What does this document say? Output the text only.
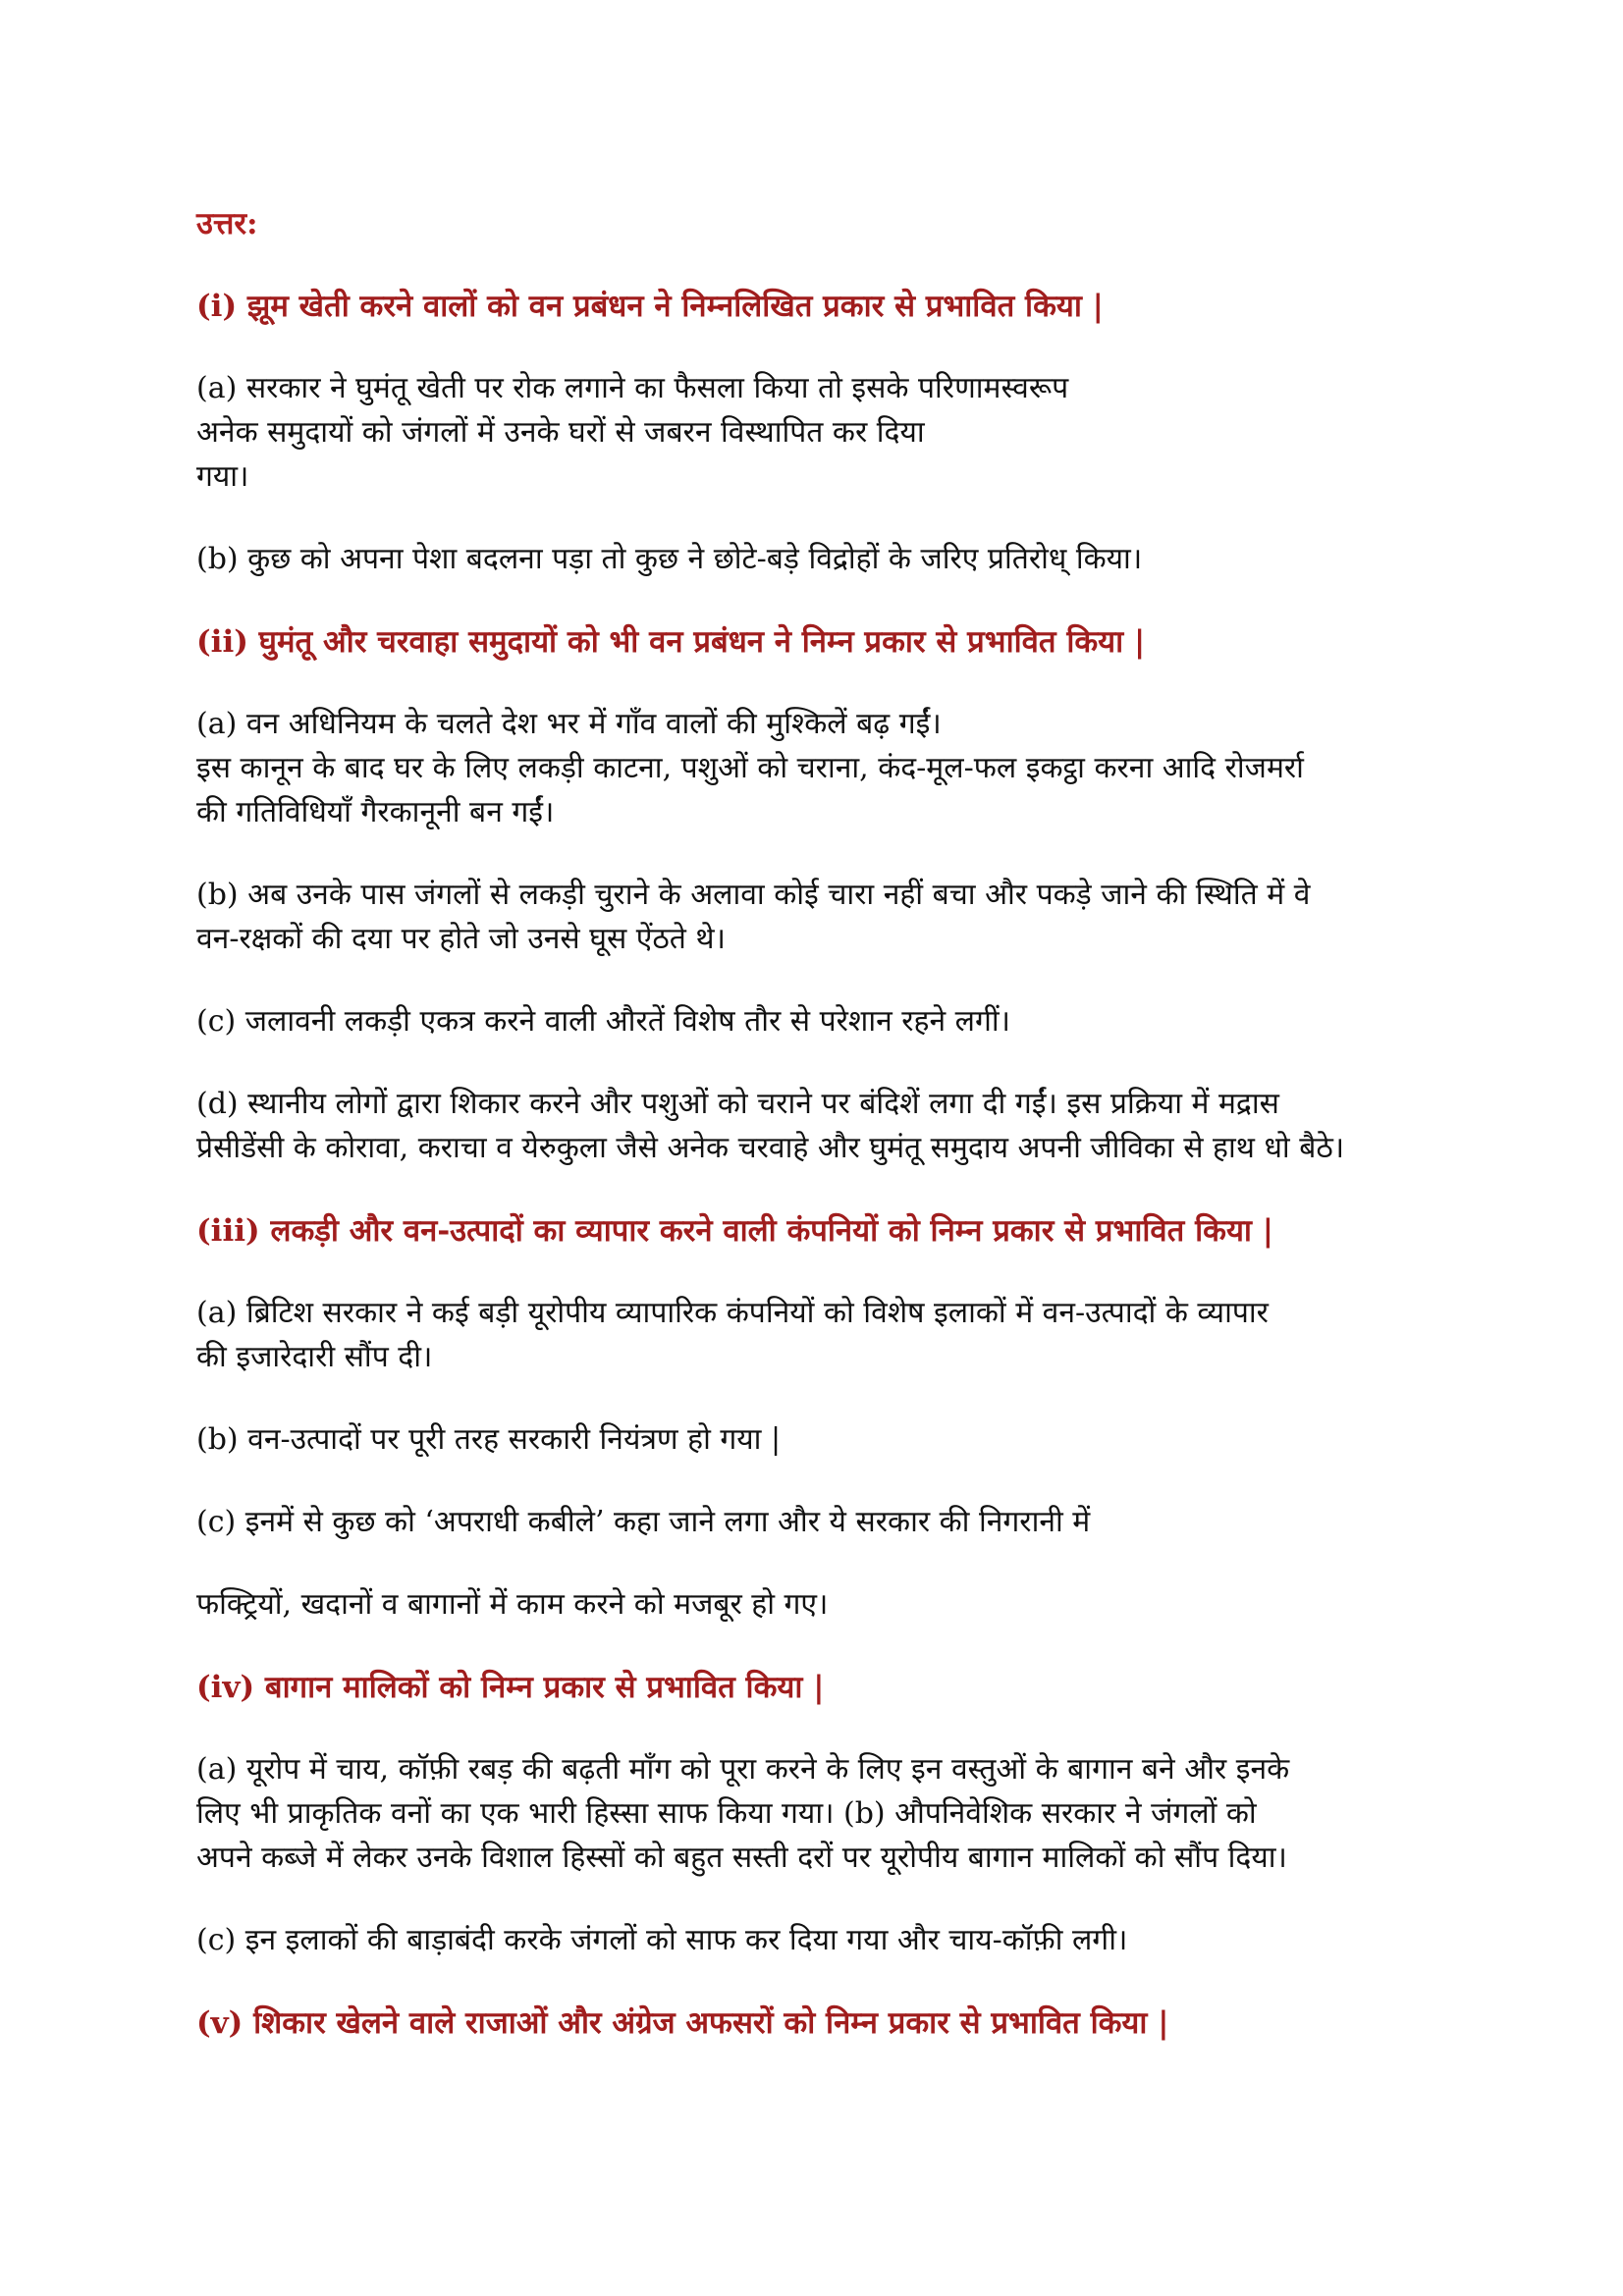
उत्तर:
(i) झूम खेती करने वालों को वन प्रबंधन ने निम्नलिखित प्रकार से प्रभावित किया |
(a) सरकार ने घुमंतू खेती पर रोक लगाने का फैसला किया तो इसके परिणामस्वरूप
अनेक समुदायों को जंगलों में उनके घरों से जबरन विस्थापित कर दिया
गया।
(b) कुछ को अपना पेशा बदलना पड़ा तो कुछ ने छोटे-बड़े विद्रोहों के जरिए प्रतिरोध् किया।
(ii) घुमंतू और चरवाहा समुदायों को भी वन प्रबंधन ने निम्न प्रकार से प्रभावित किया |
(a) वन अधिनियम के चलते देश भर में गाँव वालों की मुश्किलें बढ़ गईं।
इस कानून के बाद घर के लिए लकड़ी काटना, पशुओं को चराना, कंद-मूल-फल इकट्ठा करना आदि रोजमर्रा
की गतिविधियाँ गैरकानूनी बन गईं।
(b) अब उनके पास जंगलों से लकड़ी चुराने के अलावा कोई चारा नहीं बचा और पकड़े जाने की स्थिति में वे
वन-रक्षकों की दया पर होते जो उनसे घूस ऐंठते थे।
(c) जलावनी लकड़ी एकत्र करने वाली औरतें विशेष तौर से परेशान रहने लगीं।
(d) स्थानीय लोगों द्वारा शिकार करने और पशुओं को चराने पर बंदिशें लगा दी गईं। इस प्रक्रिया में मद्रास
प्रेसीडेंसी के कोरावा, कराचा व येरुकुला जैसे अनेक चरवाहे और घुमंतू समुदाय अपनी जीविका से हाथ धो बैठे।
(iii) लकड़ी और वन-उत्पादों का व्यापार करने वाली कंपनियों को निम्न प्रकार से प्रभावित किया |
(a) ब्रिटिश सरकार ने कई बड़ी यूरोपीय व्यापारिक कंपनियों को विशेष इलाकों में वन-उत्पादों के व्यापार
की इजारेदारी सौंप दी।
(b) वन-उत्पादों पर पूरी तरह सरकारी नियंत्रण हो गया |
(c) इनमें से कुछ को ‘अपराधी कबीले’ कहा जाने लगा और ये सरकार की निगरानी में
फक्ट्रियों, खदानों व बागानों में काम करने को मजबूर हो गए।
(iv) बागान मालिकों को निम्न प्रकार से प्रभावित किया |
(a) यूरोप में चाय, कॉफ़ी रबड़ की बढ़ती माँग को पूरा करने के लिए इन वस्तुओं के बागान बने और इनके
लिए भी प्राकृतिक वनों का एक भारी हिस्सा साफ किया गया। (b) औपनिवेशिक सरकार ने जंगलों को
अपने कब्जे में लेकर उनके विशाल हिस्सों को बहुत सस्ती दरों पर यूरोपीय बागान मालिकों को सौंप दिया।
(c) इन इलाकों की बाड़ाबंदी करके जंगलों को साफ कर दिया गया और चाय-कॉफ़ी लगी।
(v) शिकार खेलने वाले राजाओं और अंग्रेज अफसरों को निम्न प्रकार से प्रभावित किया |
